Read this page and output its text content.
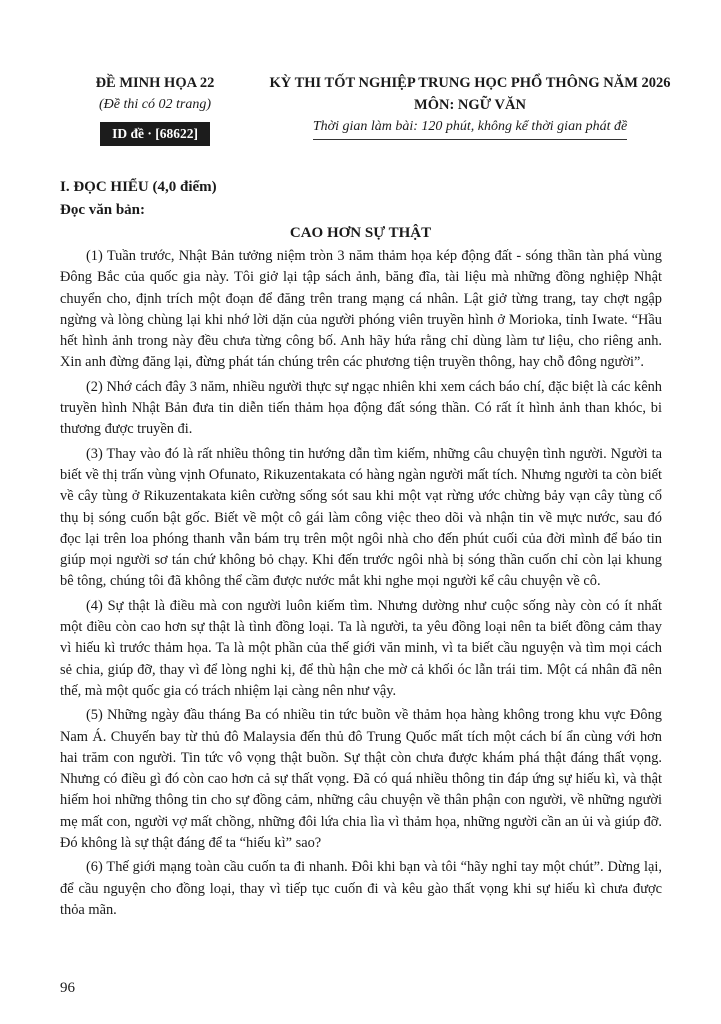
ĐỀ MINH HỌA 22
(Đề thi có 02 trang)
ID đề · [68622]
KỲ THI TỐT NGHIỆP TRUNG HỌC PHỔ THÔNG NĂM 2026
MÔN: NGỮ VĂN
Thời gian làm bài: 120 phút, không kể thời gian phát đề
I. ĐỌC HIỂU (4,0 điểm)
Đọc văn bản:
CAO HƠN SỰ THẬT

(1) Tuần trước, Nhật Bản tưởng niệm tròn 3 năm thảm họa kép động đất - sóng thần tàn phá vùng Đông Bắc của quốc gia này. Tôi giở lại tập sách ảnh, băng đĩa, tài liệu mà những đồng nghiệp Nhật chuyển cho, định trích một đoạn để đăng trên trang mạng cá nhân. Lật giở từng trang, tay chợt ngập ngừng và lòng chùng lại khi nhớ lời dặn của người phóng viên truyền hình ở Morioka, tỉnh Iwate. “Hầu hết hình ảnh trong này đều chưa từng công bố. Anh hãy hứa rằng chỉ dùng làm tư liệu, cho riêng anh. Xin anh đừng đăng lại, đừng phát tán chúng trên các phương tiện truyền thông, hay chỗ đông người”.

(2) Nhớ cách đây 3 năm, nhiều người thực sự ngạc nhiên khi xem cách báo chí, đặc biệt là các kênh truyền hình Nhật Bản đưa tin diễn tiến thảm họa động đất sóng thần. Có rất ít hình ảnh than khóc, bi thương được truyền đi.

(3) Thay vào đó là rất nhiều thông tin hướng dẫn tìm kiếm, những câu chuyện tình người. Người ta biết về thị trấn vùng vịnh Ofunato, Rikuzentakata có hàng ngàn người mất tích. Nhưng người ta còn biết về cây tùng ở Rikuzentakata kiên cường sống sót sau khi một vạt rừng ước chừng bảy vạn cây tùng cổ thụ bị sóng cuốn bật gốc. Biết về một cô gái làm công việc theo dõi và nhận tin về mực nước, sau đó đọc lại trên loa phóng thanh vẫn bám trụ trên một ngôi nhà cho đến phút cuối của đời mình để báo tin giúp mọi người sơ tán chứ không bỏ chạy. Khi đến trước ngôi nhà bị sóng thần cuốn chỉ còn lại khung bê tông, chúng tôi đã không thể cầm được nước mắt khi nghe mọi người kể câu chuyện về cô.

(4) Sự thật là điều mà con người luôn kiếm tìm. Nhưng dường như cuộc sống này còn có ít nhất một điều còn cao hơn sự thật là tình đồng loại. Ta là người, ta yêu đồng loại nên ta biết đồng cảm thay vì hiếu kì trước thảm họa. Ta là một phần của thế giới văn minh, vì ta biết cầu nguyện và tìm mọi cách sẻ chia, giúp đỡ, thay vì để lòng nghi kị, để thù hận che mờ cả khối óc lẫn trái tim. Một cá nhân đã nên thế, mà một quốc gia có trách nhiệm lại càng nên như vậy.

(5) Những ngày đầu tháng Ba có nhiều tin tức buồn về thảm họa hàng không trong khu vực Đông Nam Á. Chuyến bay từ thủ đô Malaysia đến thủ đô Trung Quốc mất tích một cách bí ẩn cùng với hơn hai trăm con người. Tin tức vô vọng thật buồn. Sự thật còn chưa được khám phá thật đáng thất vọng. Nhưng có điều gì đó còn cao hơn cả sự thất vọng. Đã có quá nhiều thông tin đáp ứng sự hiếu kì, và thật hiếm hoi những thông tin cho sự đồng cảm, những câu chuyện về thân phận con người, về những người mẹ mất con, người vợ mất chồng, những đôi lứa chia lìa vì thảm họa, những người cần an ủi và giúp đỡ. Đó không là sự thật đáng để ta “hiếu kì” sao?

(6) Thế giới mạng toàn cầu cuốn ta đi nhanh. Đôi khi bạn và tôi “hãy nghỉ tay một chút”. Dừng lại, để cầu nguyện cho đồng loại, thay vì tiếp tục cuốn đi và kêu gào thất vọng khi sự hiếu kì chưa được thỏa mãn.

96
